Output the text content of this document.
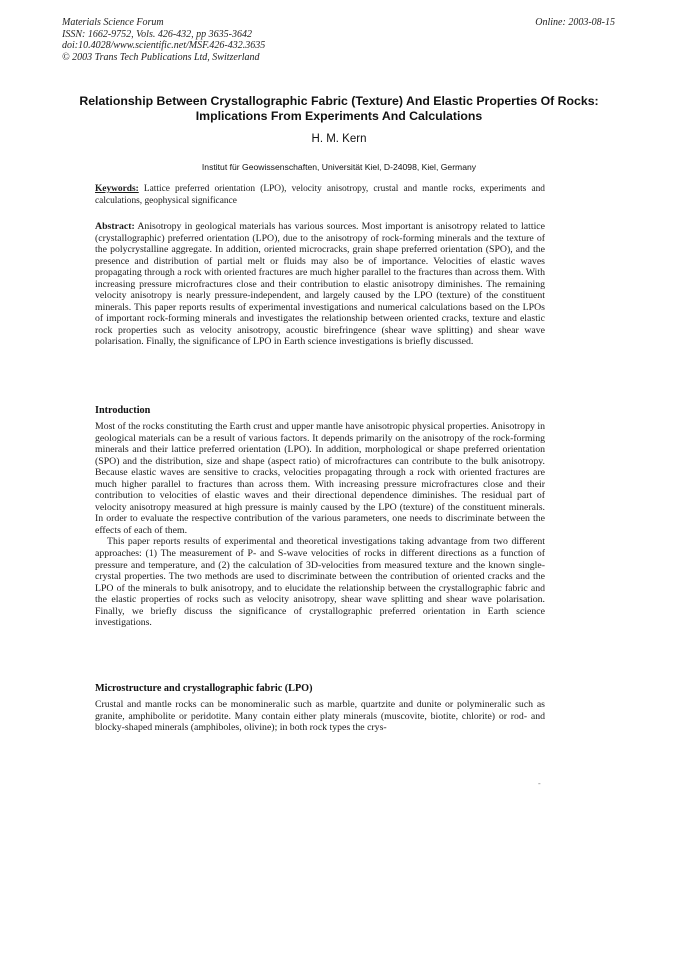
Materials Science Forum
ISSN: 1662-9752, Vols. 426-432, pp 3635-3642
doi:10.4028/www.scientific.net/MSF.426-432.3635
© 2003 Trans Tech Publications Ltd, Switzerland
Online: 2003-08-15
Relationship Between Crystallographic Fabric (Texture) And Elastic Properties Of Rocks: Implications From Experiments And Calculations
H. M. Kern
Institut für Geowissenschaften, Universität Kiel, D-24098, Kiel, Germany
Keywords: Lattice preferred orientation (LPO), velocity anisotropy, crustal and mantle rocks, experiments and calculations, geophysical significance
Abstract: Anisotropy in geological materials has various sources. Most important is anisotropy related to lattice (crystallographic) preferred orientation (LPO), due to the anisotropy of rock-forming minerals and the texture of the polycrystalline aggregate. In addition, oriented microcracks, grain shape preferred orientation (SPO), and the presence and distribution of partial melt or fluids may also be of importance. Velocities of elastic waves propagating through a rock with oriented fractures are much higher parallel to the fractures than across them. With increasing pressure microfractures close and their contribution to elastic anisotropy diminishes. The remaining velocity anisotropy is nearly pressure-independent, and largely caused by the LPO (texture) of the constituent minerals. This paper reports results of experimental investigations and numerical calculations based on the LPOs of important rock-forming minerals and investigates the relationship between oriented cracks, texture and elastic rock properties such as velocity anisotropy, acoustic birefringence (shear wave splitting) and shear wave polarisation. Finally, the significance of LPO in Earth science investigations is briefly discussed.
Introduction

Most of the rocks constituting the Earth crust and upper mantle have anisotropic physical properties. Anisotropy in geological materials can be a result of various factors. It depends primarily on the anisotropy of the rock-forming minerals and their lattice preferred orientation (LPO). In addition, morphological or shape preferred orientation (SPO) and the distribution, size and shape (aspect ratio) of microfractures can contribute to the bulk anisotropy. Because elastic waves are sensitive to cracks, velocities propagating through a rock with oriented fractures are much higher parallel to fractures than across them. With increasing pressure microfractures close and their contribution to velocities of elastic waves and their directional dependence diminishes. The residual part of velocity anisotropy measured at high pressure is mainly caused by the LPO (texture) of the constituent minerals. In order to evaluate the respective contribution of the various parameters, one needs to discriminate between the effects of each of them.

This paper reports results of experimental and theoretical investigations taking advantage from two different approaches: (1) The measurement of P- and S-wave velocities of rocks in different directions as a function of pressure and temperature, and (2) the calculation of 3D-velocities from measured texture and the known single-crystal properties. The two methods are used to discriminate between the contribution of oriented cracks and the LPO of the minerals to bulk anisotropy, and to elucidate the relationship between the crystallographic fabric and the elastic properties of rocks such as velocity anisotropy, shear wave splitting and shear wave polarisation. Finally, we briefly discuss the significance of crystallographic preferred orientation in Earth science investigations.

Microstructure and crystallographic fabric (LPO)
Crustal and mantle rocks can be monomineralic such as marble, quartzite and dunite or polymineralic such as granite, amphibolite or peridotite. Many contain either platy minerals (muscovite, biotite, chlorite) or rod- and blocky-shaped minerals (amphiboles, olivine); in both rock types the crys-
-
